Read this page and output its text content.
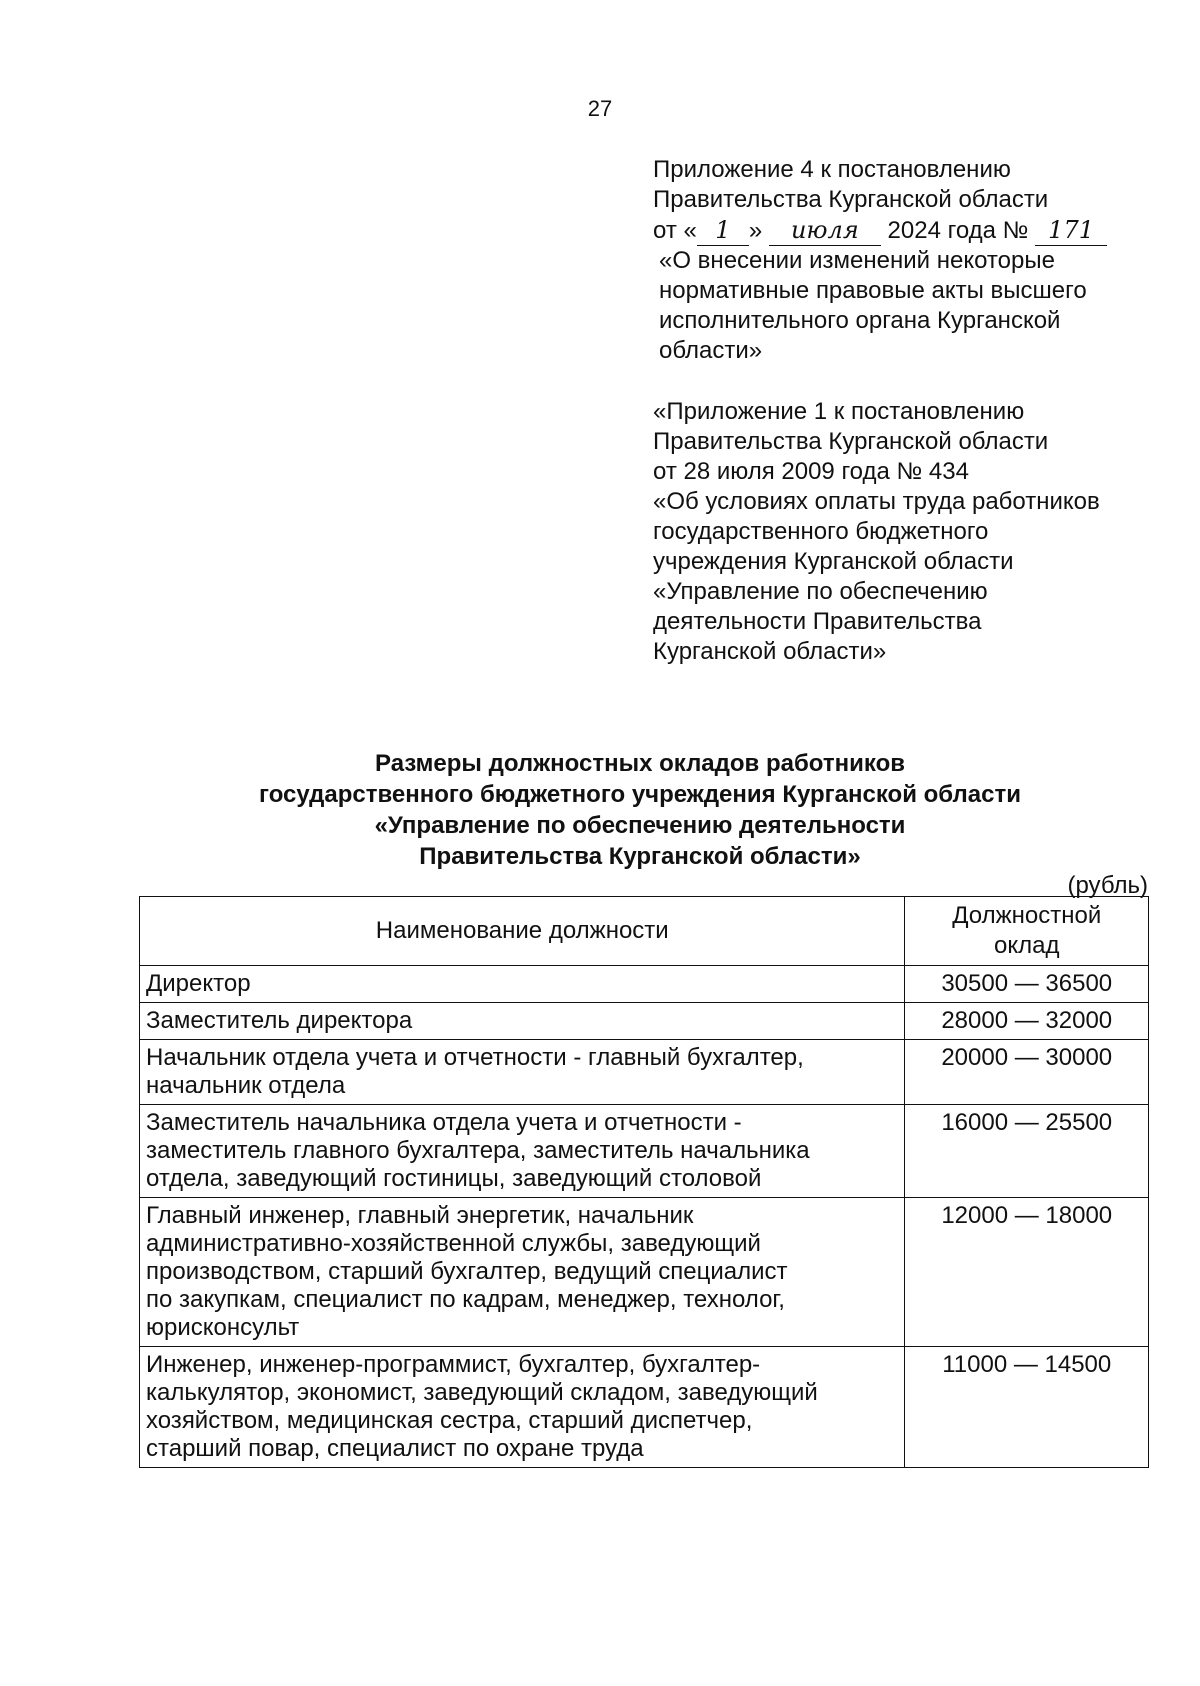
27
Приложение 4 к постановлению
Правительства Курганской области
от « 1 » июля 2024 года № 171
«О внесении изменений некоторые
нормативные правовые акты высшего
исполнительного органа Курганской
области»
«Приложение 1 к постановлению
Правительства Курганской области
от 28 июля 2009 года № 434
«Об условиях оплаты труда работников
государственного бюджетного
учреждения Курганской области
«Управление по обеспечению
деятельности Правительства
Курганской области»
Размеры должностных окладов работников
государственного бюджетного учреждения Курганской области
«Управление по обеспечению деятельности
Правительства Курганской области»
(рубль)
Наименование должности	Должностной
оклад

Директор	30500 — 36500
Заместитель директора	28000 — 32000

Начальник отдела учета и отчетности - главный бухгалтер,
начальник отдела	20000 — 30000

Заместитель начальника отдела учета и отчетности -
заместитель главного бухгалтера, заместитель начальника
отдела, заведующий гостиницы, заведующий столовой	16000 — 25500

Главный инженер, главный энергетик, начальник
административно-хозяйственной службы, заведующий
производством, старший бухгалтер, ведущий специалист
по закупкам, специалист по кадрам, менеджер, технолог,
юрисконсульт	12000 — 18000

Инженер, инженер-программист, бухгалтер, бухгалтер-
калькулятор, экономист, заведующий складом, заведующий
хозяйством, медицинская сестра, старший диспетчер,
старший повар, специалист по охране труда	11000 — 14500
